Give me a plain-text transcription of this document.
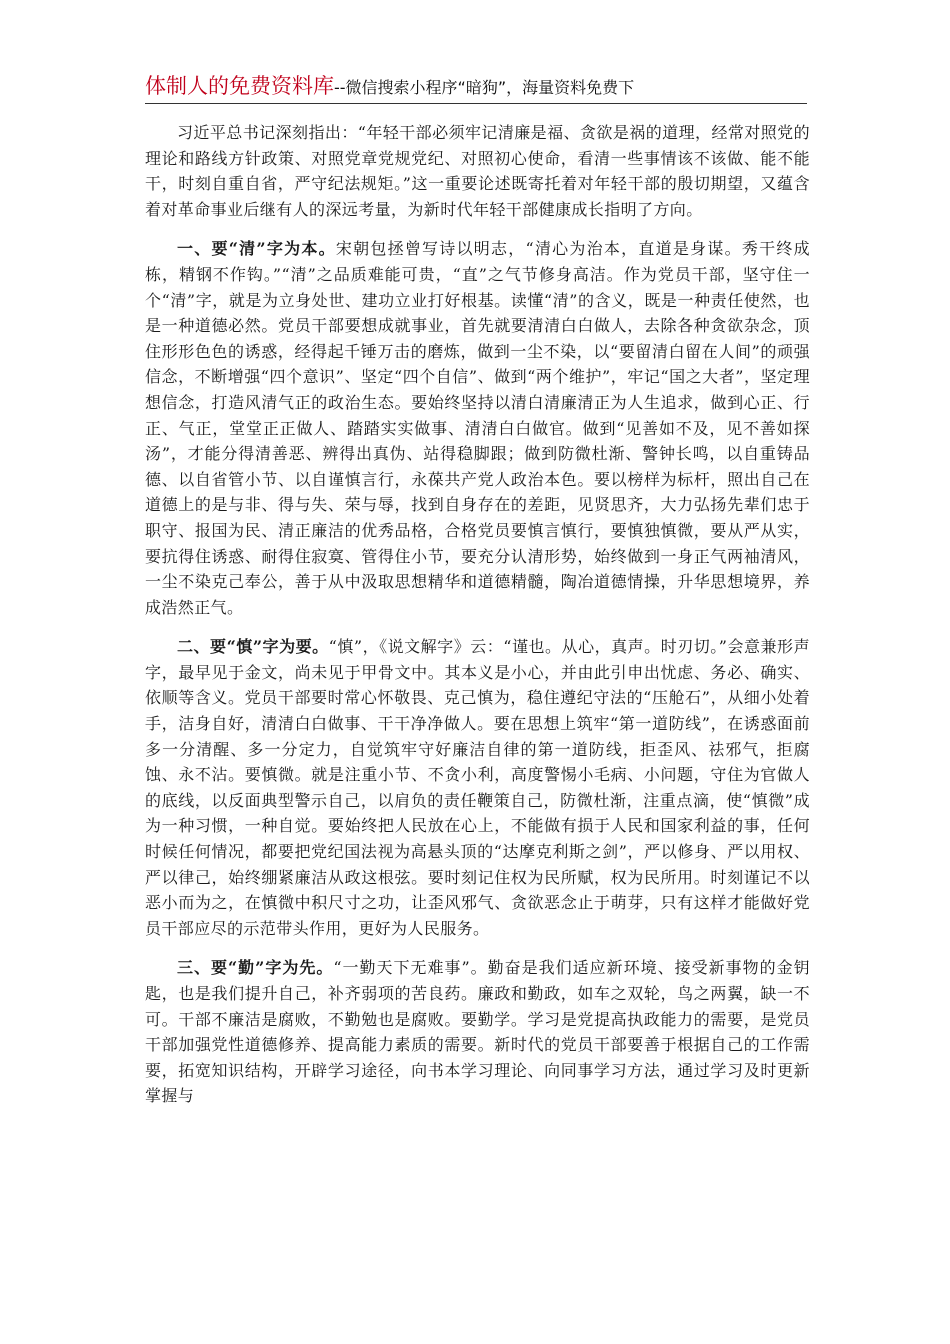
体制人的免费资料库--微信搜索小程序“暗狗”，海量资料免费下

习近平总书记深刻指出：“年轻干部必须牢记清廉是福、贪欲是祸的道理，经常对照党的理论和路线方针政策、对照党章党规党纪、对照初心使命，看清一些事情该不该做、能不能干，时刻自重自省，严守纪法规矩。”这一重要论述既寄托着对年轻干部的殷切期望，又蕴含着对革命事业后继有人的深远考量，为新时代年轻干部健康成长指明了方向。

一、要“清”字为本。宋朝包拯曾写诗以明志，“清心为治本，直道是身谋。秀干终成栋，精钢不作钩。”“清”之品质难能可贵，“直”之气节修身高洁。作为党员干部，坚守住一个“清”字，就是为立身处世、建功立业打好根基。读懂“清”的含义，既是一种责任使然，也是一种道德必然。党员干部要想成就事业，首先就要清清白白做人，去除各种贪欲杂念，顶住形形色色的诱惑，经得起千锤万击的磨炼，做到一尘不染，以“要留清白留在人间”的顽强信念，不断增强“四个意识”、坚定“四个自信”、做到“两个维护”，牢记“国之大者”，坚定理想信念，打造风清气正的政治生态。要始终坚持以清白清廉清正为人生追求，做到心正、行正、气正，堂堂正正做人、踏踏实实做事、清清白白做官。做到“见善如不及，见不善如探汤”，才能分得清善恶、辨得出真伪、站得稳脚跟；做到防微杜渐、警钟长鸣，以自重铸品德、以自省管小节、以自谨慎言行，永葆共产党人政治本色。要以榜样为标杆，照出自己在道德上的是与非、得与失、荣与辱，找到自身存在的差距，见贤思齐，大力弘扬先辈们忠于职守、报国为民、清正廉洁的优秀品格，合格党员要慎言慎行，要慎独慎微，要从严从实，要抗得住诱惑、耐得住寂寞、管得住小节，要充分认清形势，始终做到一身正气两袖清风，一尘不染克己奉公，善于从中汲取思想精华和道德精髓，陶冶道德情操，升华思想境界，养成浩然正气。

二、要“慎”字为要。“慎”，《说文解字》云：“谨也。从心，真声。时刃切。”会意兼形声字，最早见于金文，尚未见于甲骨文中。其本义是小心，并由此引申出忧虑、务必、确实、依顺等含义。党员干部要时常心怀敬畏、克己慎为，稳住遵纪守法的“压舱石”，从细小处着手，洁身自好，清清白白做事、干干净净做人。要在思想上筑牢“第一道防线”，在诱惑面前多一分清醒、多一分定力，自觉筑牢守好廉洁自律的第一道防线，拒歪风、祛邪气，拒腐蚀、永不沾。要慎微。就是注重小节、不贪小利，高度警惕小毛病、小问题，守住为官做人的底线，以反面典型警示自己，以肩负的责任鞭策自己，防微杜渐，注重点滴，使“慎微”成为一种习惯，一种自觉。要始终把人民放在心上，不能做有损于人民和国家利益的事，任何时候任何情况，都要把党纪国法视为高悬头顶的“达摩克利斯之剑”，严以修身、严以用权、严以律己，始终绷紧廉洁从政这根弦。要时刻记住权为民所赋，权为民所用。时刻谨记不以恶小而为之，在慎微中积尺寸之功，让歪风邪气、贪欲恶念止于萌芽，只有这样才能做好党员干部应尽的示范带头作用，更好为人民服务。

三、要“勤”字为先。“一勤天下无难事”。勤奋是我们适应新环境、接受新事物的金钥匙，也是我们提升自己，补齐弱项的苦良药。廉政和勤政，如车之双轮，鸟之两翼，缺一不可。干部不廉洁是腐败，不勤勉也是腐败。要勤学。学习是党提高执政能力的需要，是党员干部加强党性道德修养、提高能力素质的需要。新时代的党员干部要善于根据自己的工作需要，拓宽知识结构，开辟学习途径，向书本学习理论、向同事学习方法，通过学习及时更新掌握与
